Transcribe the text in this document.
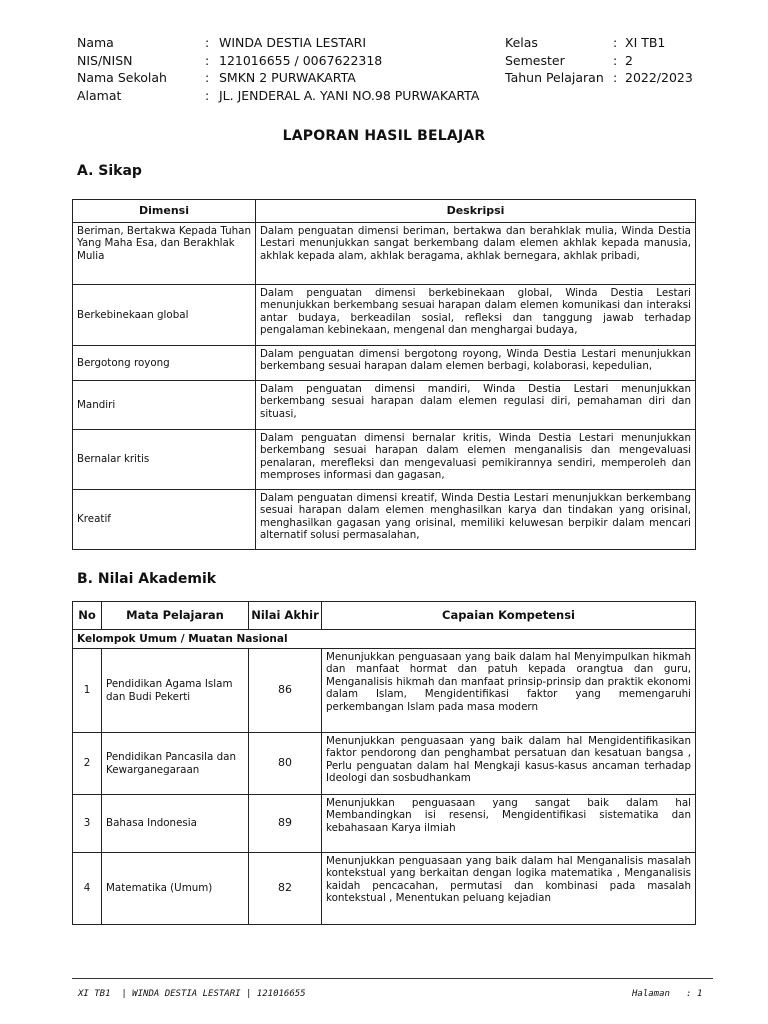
Nama	: WINDA DESTIA LESTARI
NIS/NISN	: 121016655 / 0067622318
Nama Sekolah	: SMKN 2 PURWAKARTA
Alamat	: JL. JENDERAL A. YANI NO.98 PURWAKARTA
Kelas	: XI TB1
Semester	: 2
Tahun Pelajaran : 2022/2023
LAPORAN HASIL BELAJAR
A. Sikap
Dimensi	Deskripsi
Beriman, Bertakwa Kepada Tuhan Yang Maha Esa, dan Berakhlak Mulia	Dalam penguatan dimensi beriman, bertakwa dan berahklak mulia, Winda Destia Lestari menunjukkan sangat berkembang dalam elemen akhlak kepada manusia, akhlak kepada alam, akhlak beragama, akhlak bernegara, akhlak pribadi,
Berkebinekaan global	Dalam penguatan dimensi berkebinekaan global, Winda Destia Lestari menunjukkan berkembang sesuai harapan dalam elemen komunikasi dan interaksi antar budaya, berkeadilan sosial, refleksi dan tanggung jawab terhadap pengalaman kebinekaan, mengenal dan menghargai budaya,
Bergotong royong	Dalam penguatan dimensi bergotong royong, Winda Destia Lestari menunjukkan berkembang sesuai harapan dalam elemen berbagi, kolaborasi, kepedulian,
Mandiri	Dalam penguatan dimensi mandiri, Winda Destia Lestari menunjukkan berkembang sesuai harapan dalam elemen regulasi diri, pemahaman diri dan situasi,
Bernalar kritis	Dalam penguatan dimensi bernalar kritis, Winda Destia Lestari menunjukkan berkembang sesuai harapan dalam elemen menganalisis dan mengevaluasi penalaran, merefleksi dan mengevaluasi pemikirannya sendiri, memperoleh dan memproses informasi dan gagasan,
Kreatif	Dalam penguatan dimensi kreatif, Winda Destia Lestari menunjukkan berkembang sesuai harapan dalam elemen menghasilkan karya dan tindakan yang orisinal, menghasilkan gagasan yang orisinal, memiliki keluwesan berpikir dalam mencari alternatif solusi permasalahan,
B. Nilai Akademik
No	Mata Pelajaran	Nilai Akhir	Capaian Kompetensi
Kelompok Umum / Muatan Nasional			
1	Pendidikan Agama Islam dan Budi Pekerti	86	Menunjukkan penguasaan yang baik dalam hal Menyimpulkan hikmah dan manfaat hormat dan patuh kepada orangtua dan guru, Menganalisis hikmah dan manfaat prinsip-prinsip dan praktik ekonomi dalam Islam, Mengidentifikasi faktor yang memengaruhi perkembangan Islam pada masa modern
2	Pendidikan Pancasila dan Kewarganegaraan	80	Menunjukkan penguasaan yang baik dalam hal Mengidentifikasikan faktor pendorong dan penghambat persatuan dan kesatuan bangsa , Perlu penguatan dalam hal Mengkaji kasus-kasus ancaman terhadap Ideologi dan sosbudhankam
3	Bahasa Indonesia	89	Menunjukkan penguasaan yang sangat baik dalam hal Membandingkan isi resensi, Mengidentifikasi sistematika dan kebahasaan Karya ilmiah
4	Matematika (Umum)	82	Menunjukkan penguasaan yang baik dalam hal Menganalisis masalah kontekstual yang berkaitan dengan logika matematika , Menganalisis kaidah pencacahan, permutasi dan kombinasi pada masalah kontekstual , Menentukan peluang kejadian
XI TB1  | WINDA DESTIA LESTARI | 121016655	Halaman   : 1
